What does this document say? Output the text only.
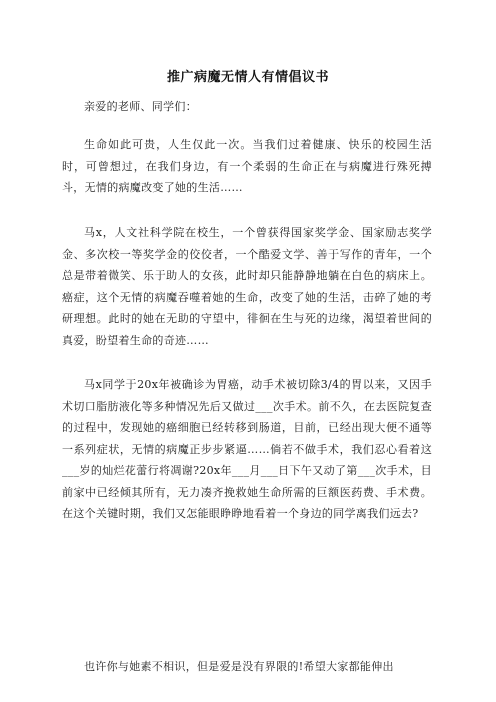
推广病魔无情人有情倡议书

亲爱的老师、同学们：

生命如此可贵，人生仅此一次。当我们过着健康、快乐的校园生活时，可曾想过，在我们身边，有一个柔弱的生命正在与病魔进行殊死搏斗，无情的病魔改变了她的生活……

马x，人文社科学院在校生，一个曾获得国家奖学金、国家励志奖学金、多次校一等奖学金的佼佼者，一个酷爱文学、善于写作的青年，一个总是带着微笑、乐于助人的女孩，此时却只能静静地躺在白色的病床上。癌症，这个无情的病魔吞噬着她的生命，改变了她的生活，击碎了她的考研理想。此时的她在无助的守望中，徘徊在生与死的边缘，渴望着世间的真爱，盼望着生命的奇迹……

马x同学于20x年被确诊为胃癌，动手术被切除3/4的胃以来，又因手术切口脂肪液化等多种情况先后又做过___次手术。前不久，在去医院复查的过程中，发现她的癌细胞已经转移到肠道，目前，已经出现大便不通等一系列症状，无情的病魔正步步紧逼……倘若不做手术，我们忍心看着这___岁的灿烂花蕾行将凋谢?20x年___月___日下午又动了第___次手术，目前家中已经倾其所有，无力凑齐挽救她生命所需的巨额医药费、手术费。在这个关键时期，我们又怎能眼睁睁地看着一个身边的同学离我们远去?

也许你与她素不相识，但是爱是没有界限的!希望大家都能伸出
